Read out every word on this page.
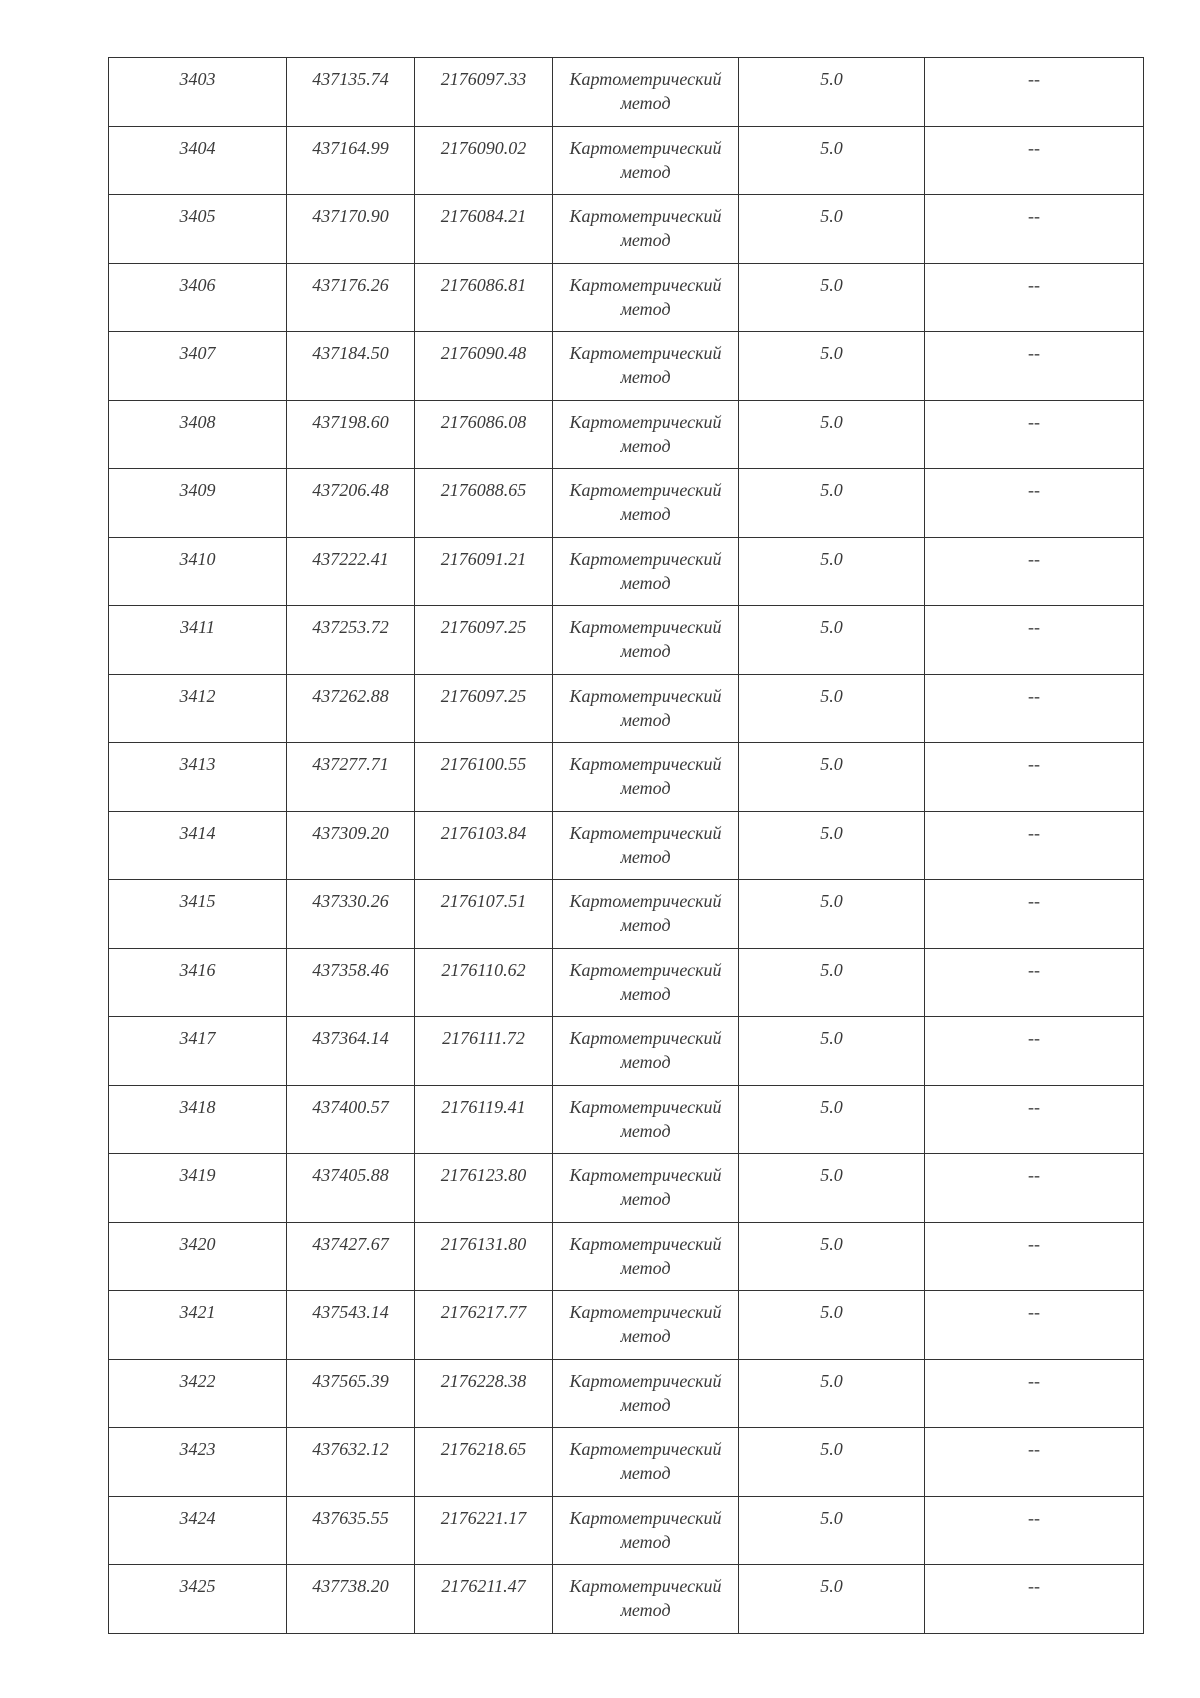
3403	437135.74	2176097.33	Картометрический метод	5.0	--
3404	437164.99	2176090.02	Картометрический метод	5.0	--
3405	437170.90	2176084.21	Картометрический метод	5.0	--
3406	437176.26	2176086.81	Картометрический метод	5.0	--
3407	437184.50	2176090.48	Картометрический метод	5.0	--
3408	437198.60	2176086.08	Картометрический метод	5.0	--
3409	437206.48	2176088.65	Картометрический метод	5.0	--
3410	437222.41	2176091.21	Картометрический метод	5.0	--
3411	437253.72	2176097.25	Картометрический метод	5.0	--
3412	437262.88	2176097.25	Картометрический метод	5.0	--
3413	437277.71	2176100.55	Картометрический метод	5.0	--
3414	437309.20	2176103.84	Картометрический метод	5.0	--
3415	437330.26	2176107.51	Картометрический метод	5.0	--
3416	437358.46	2176110.62	Картометрический метод	5.0	--
3417	437364.14	2176111.72	Картометрический метод	5.0	--
3418	437400.57	2176119.41	Картометрический метод	5.0	--
3419	437405.88	2176123.80	Картометрический метод	5.0	--
3420	437427.67	2176131.80	Картометрический метод	5.0	--
3421	437543.14	2176217.77	Картометрический метод	5.0	--
3422	437565.39	2176228.38	Картометрический метод	5.0	--
3423	437632.12	2176218.65	Картометрический метод	5.0	--
3424	437635.55	2176221.17	Картометрический метод	5.0	--
3425	437738.20	2176211.47	Картометрический метод	5.0	--
